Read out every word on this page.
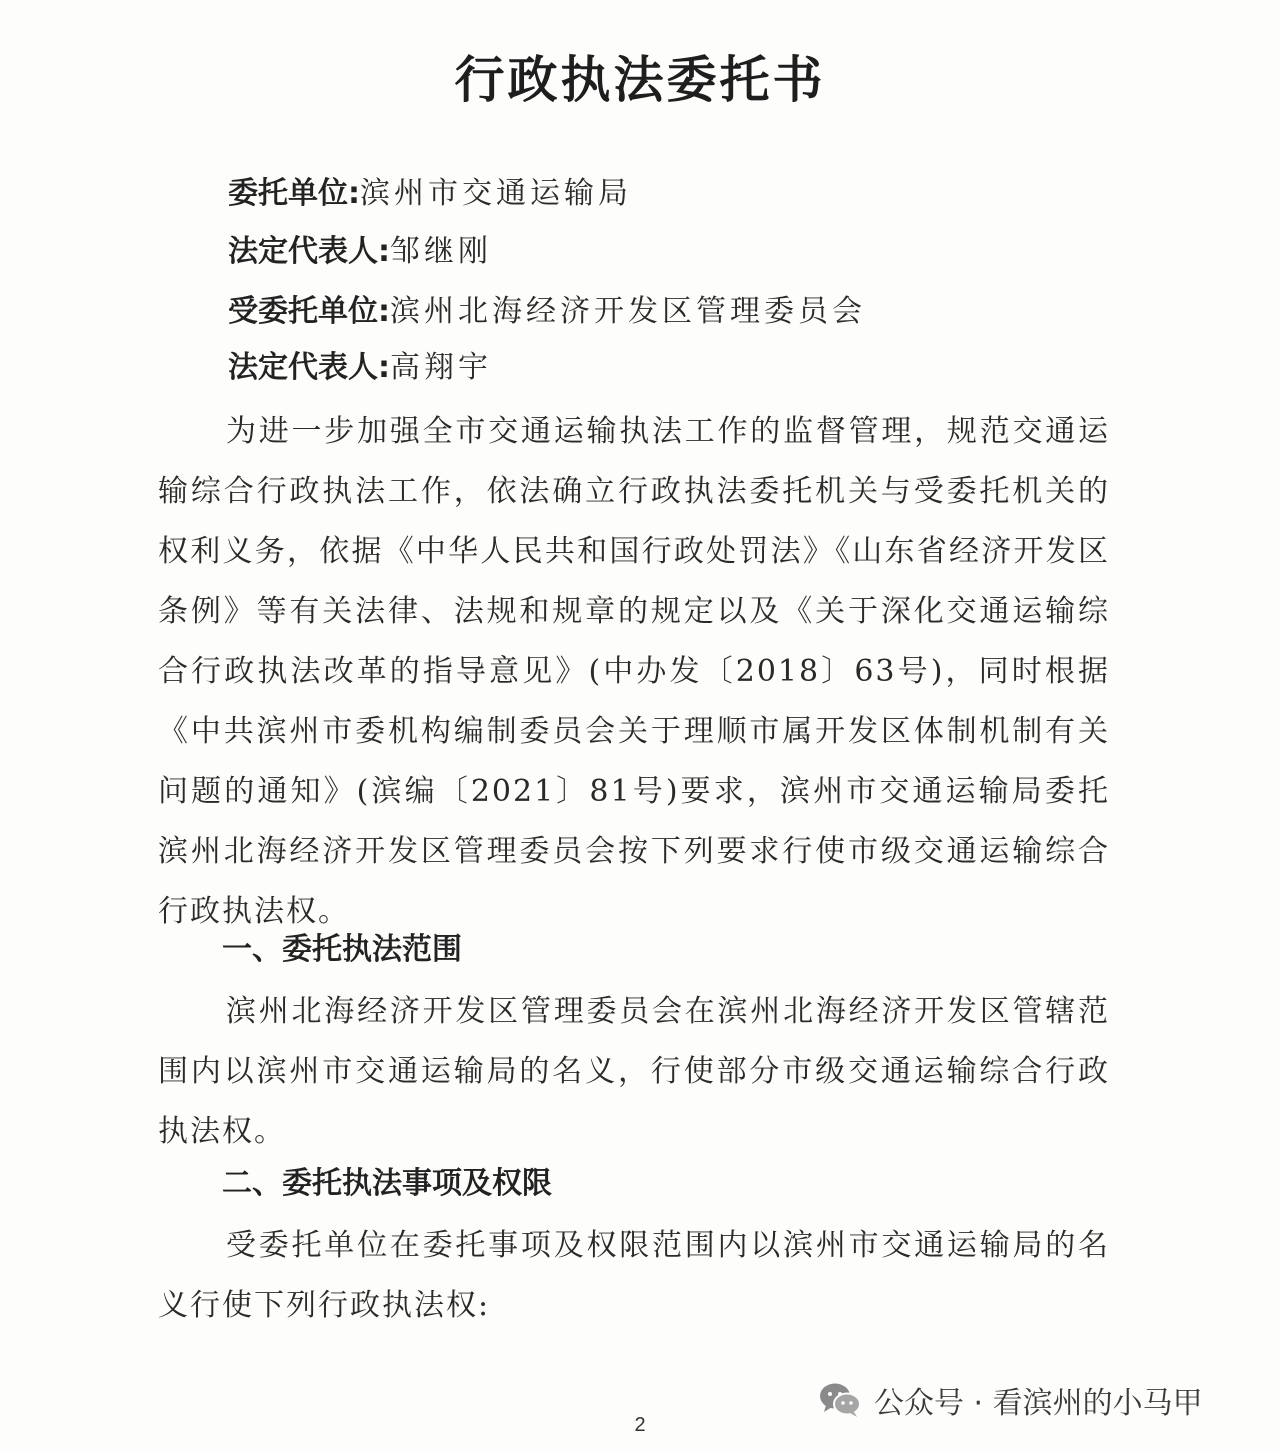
行政执法委托书
委托单位:滨州市交通运输局
法定代表人:邹继刚
受委托单位:滨州北海经济开发区管理委员会
法定代表人:高翔宇

为进一步加强全市交通运输执法工作的监督管理，规范交通运输综合行政执法工作，依法确立行政执法委托机关与受委托机关的权利义务，依据《中华人民共和国行政处罚法》《山东省经济开发区条例》等有关法律、法规和规章的规定以及《关于深化交通运输综合行政执法改革的指导意见》(中办发〔2018〕63号)，同时根据《中共滨州市委机构编制委员会关于理顺市属开发区体制机制有关问题的通知》(滨编〔2021〕81号)要求，滨州市交通运输局委托滨州北海经济开发区管理委员会按下列要求行使市级交通运输综合行政执法权。

一、委托执法范围

滨州北海经济开发区管理委员会在滨州北海经济开发区管辖范围内以滨州市交通运输局的名义，行使部分市级交通运输综合行政执法权。

二、委托执法事项及权限

受委托单位在委托事项及权限范围内以滨州市交通运输局的名义行使下列行政执法权:

公众号 · 看滨州的小马甲
2
